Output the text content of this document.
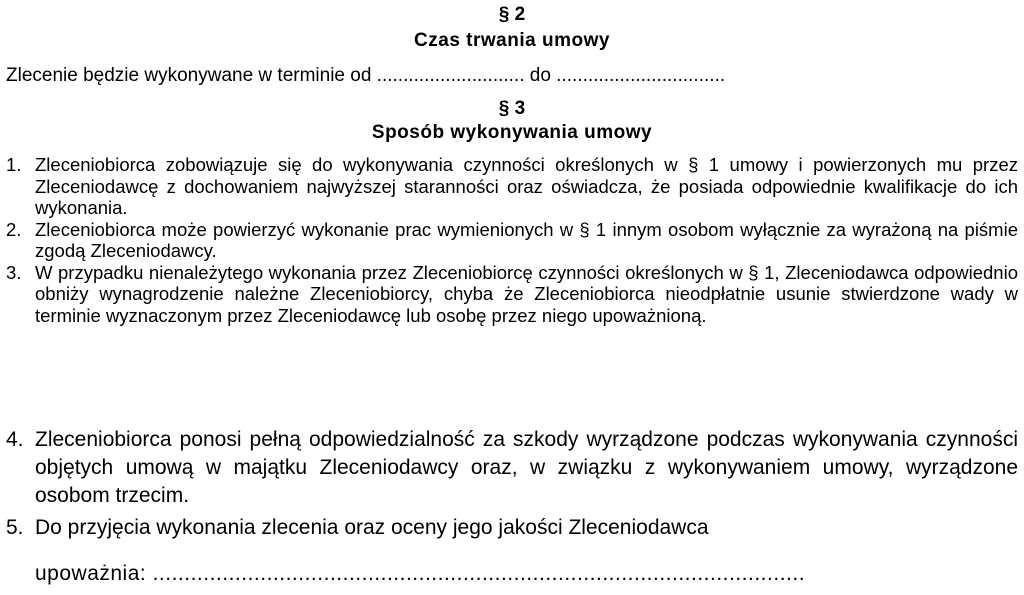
§ 2
Czas trwania umowy
Zlecenie będzie wykonywane w terminie od ............................ do ................................
§ 3
Sposób wykonywania umowy
1. Zleceniobiorca zobowiązuje się do wykonywania czynności określonych w § 1 umowy i powierzonych mu przez Zleceniodawcę z dochowaniem najwyższej staranności oraz oświadcza, że posiada odpowiednie kwalifikacje do ich wykonania.
2. Zleceniobiorca może powierzyć wykonanie prac wymienionych w § 1 innym osobom wyłącznie za wyrażoną na piśmie zgodą Zleceniodawcy.
3. W przypadku nienależytego wykonania przez Zleceniobiorcę czynności określonych w § 1, Zleceniodawca odpowiednio obniży wynagrodzenie należne Zleceniobiorcy, chyba że Zleceniobiorca nieodpłatnie usunie stwierdzone wady w terminie wyznaczonym przez Zleceniodawcę lub osobę przez niego upoważnioną.
4. Zleceniobiorca ponosi pełną odpowiedzialność za szkody wyrządzone podczas wykonywania czynności objętych umową w majątku Zleceniodawcy oraz, w związku z wykonywaniem umowy, wyrządzone osobom trzecim.
5. Do przyjęcia wykonania zlecenia oraz oceny jego jakości Zleceniodawca
upoważnia: .......................................................................................................
